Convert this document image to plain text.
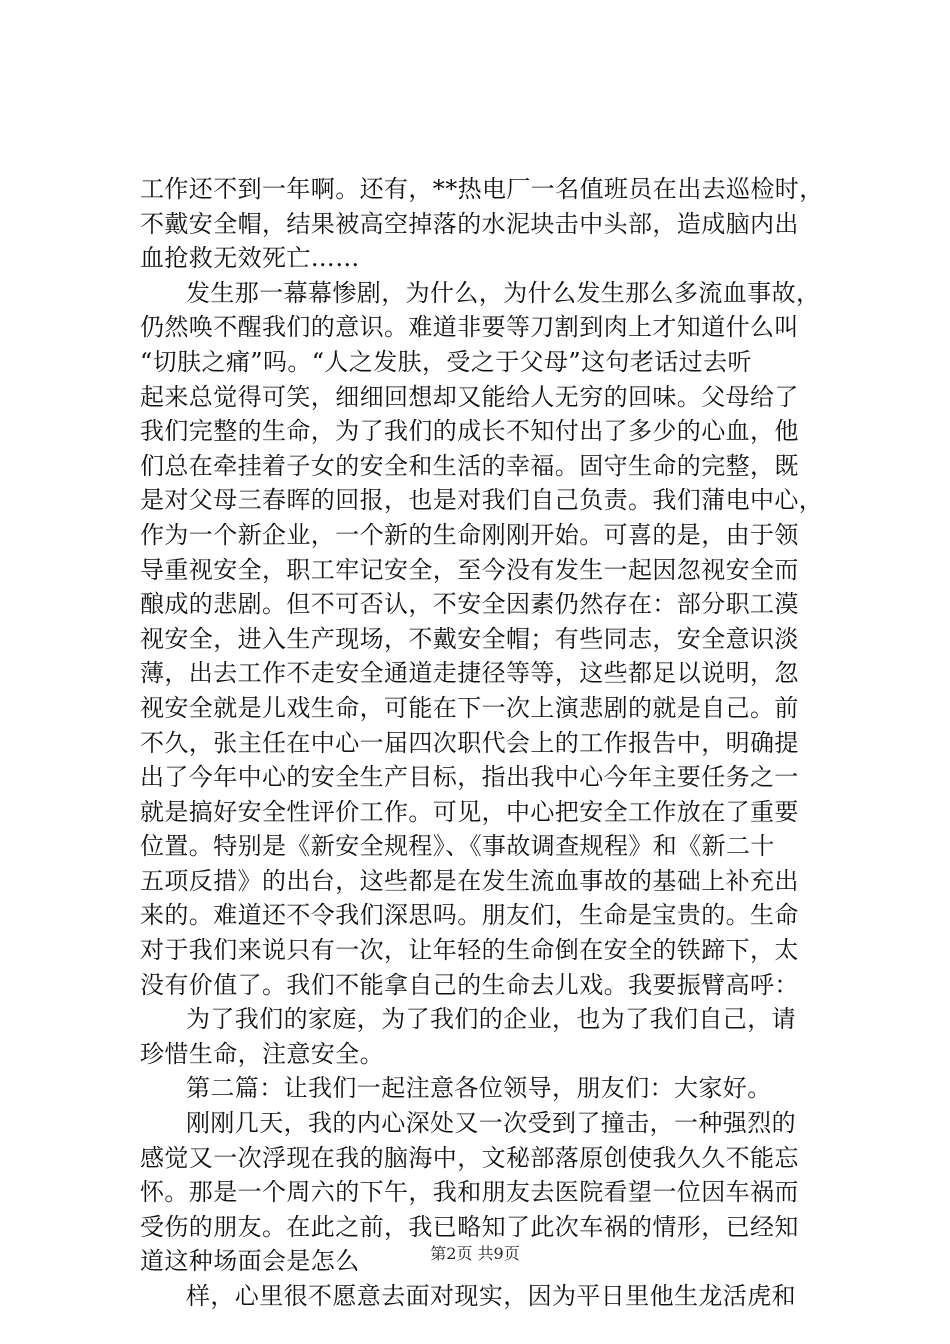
工作还不到一年啊。还有，**热电厂一名值班员在出去巡检时，
不戴安全帽，结果被高空掉落的水泥块击中头部，造成脑内出
血抢救无效死亡……
发生那一幕幕惨剧，为什么，为什么发生那么多流血事故，
仍然唤不醒我们的意识。难道非要等刀割到肉上才知道什么叫
“切肤之痛”吗。“人之发肤，受之于父母”这句老话过去听
起来总觉得可笑，细细回想却又能给人无穷的回味。父母给了
我们完整的生命，为了我们的成长不知付出了多少的心血，他
们总在牵挂着子女的安全和生活的幸福。固守生命的完整，既
是对父母三春晖的回报，也是对我们自己负责。我们蒲电中心，
作为一个新企业，一个新的生命刚刚开始。可喜的是，由于领
导重视安全，职工牢记安全，至今没有发生一起因忽视安全而
酿成的悲剧。但不可否认，不安全因素仍然存在：部分职工漠
视安全，进入生产现场，不戴安全帽；有些同志，安全意识淡
薄，出去工作不走安全通道走捷径等等，这些都足以说明，忽
视安全就是儿戏生命，可能在下一次上演悲剧的就是自己。前
不久，张主任在中心一届四次职代会上的工作报告中，明确提
出了今年中心的安全生产目标，指出我中心今年主要任务之一
就是搞好安全性评价工作。可见，中心把安全工作放在了重要
位置。特别是《新安全规程》、《事故调查规程》和《新二十
五项反措》的出台，这些都是在发生流血事故的基础上补充出
来的。难道还不令我们深思吗。朋友们，生命是宝贵的。生命
对于我们来说只有一次，让年轻的生命倒在安全的铁蹄下，太
没有价值了。我们不能拿自己的生命去儿戏。我要振臂高呼：
为了我们的家庭，为了我们的企业，也为了我们自己，请
珍惜生命，注意安全。
第二篇：让我们一起注意各位领导，朋友们：大家好。
刚刚几天，我的内心深处又一次受到了撞击，一种强烈的
感觉又一次浮现在我的脑海中，文秘部落原创使我久久不能忘
怀。那是一个周六的下午，我和朋友去医院看望一位因车祸而
受伤的朋友。在此之前，我已略知了此次车祸的情形，已经知
道这种场面会是怎么
样，心里很不愿意去面对现实，因为平日里他生龙活虎和
第2页 共9页
